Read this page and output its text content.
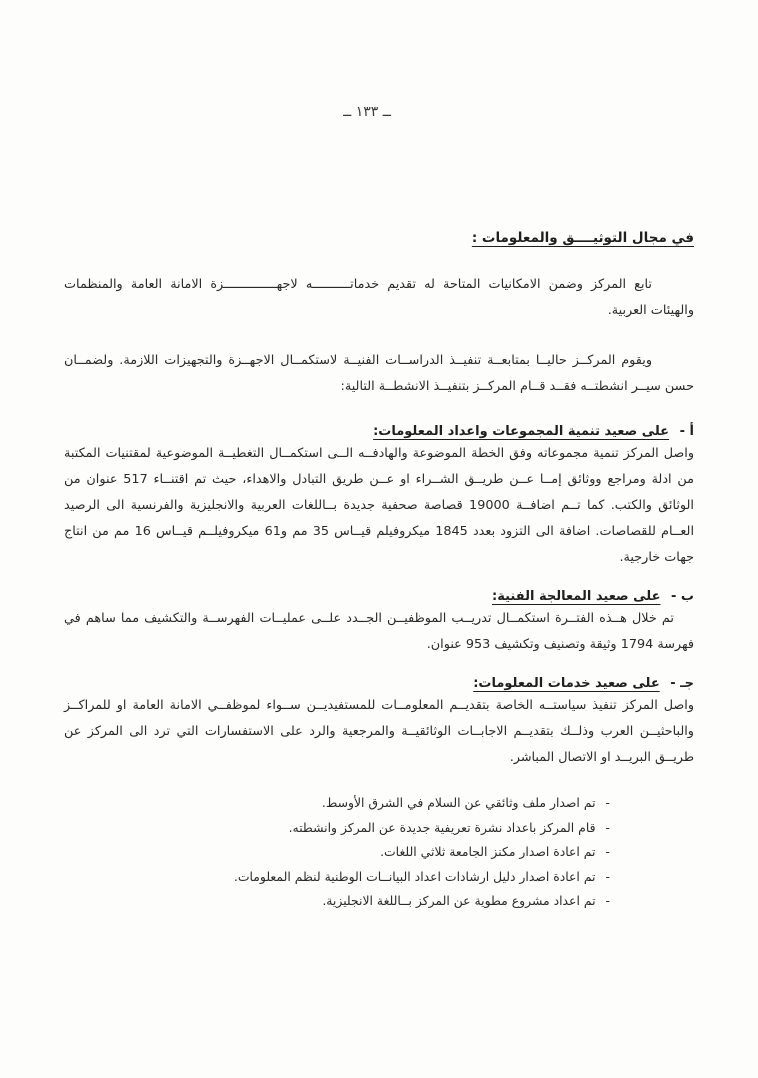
ــ ١٣٣ ــ
في مجال التوثيــــق والمعلومات :

تابع المركز وضمن الامكانيات المتاحة له تقديم خدماتــــــــــه لاجهــــــــــــــزة الامانة العامة والمنظمات والهيئات العربية.

ويقوم المركــز حاليــا بمتابعــة تنفيــذ الدراســات الفنيــة لاستكمــال الاجهــزة والتجهيزات اللازمة. ولضمــان حسن سيــر انشطتــه فقــد قــام المركــز بتنفيــذ الانشطــة التالية:

أ - على صعيد تنمية المجموعات واعداد المعلومات:

واصل المركز تنمية مجموعاته وفق الخطة الموضوعة والهادفــه الــى استكمــال التغطيــة الموضوعية لمقتنيات المكتبة من ادلة ومراجع ووثائق إمــا عــن طريــق الشــراء او عــن طريق التبادل والاهداء، حيث تم اقتنــاء 517 عنوان من الوثائق والكتب. كما تــم اضافــة 19000 قصاصة صحفية جديدة بــاللغات العربية والانجليزية والفرنسية الى الرصيد العــام للقصاصات. اضافة الى التزود بعدد 1845 ميكروفيلم قيــاس 35 مم و61 ميكروفيلــم قيــاس 16 مم من انتاج جهات خارجية.

ب - على صعيد المعالجة الفنية:

تم خلال هــذه الفتــرة استكمــال تدريــب الموظفيــن الجــدد علــى عمليــات الفهرســة والتكشيف مما ساهم في فهرسة 1794 وثيقة وتصنيف وتكشيف 953 عنوان.

جـ - على صعيد خدمات المعلومات:

واصل المركز تنفيذ سياستــه الخاصة بتقديــم المعلومــات للمستفيديــن ســواء لموظفــي الامانة العامة او للمراكــز والباحثيــن العرب وذلــك بتقديــم الاجابــات الوثائقيــة والمرجعية والرد على الاستفسارات التي ترد الى المركز عن طريــق البريــد او الاتصال المباشر.

-
تم اصدار ملف وثائقي عن السلام في الشرق الأوسط.
-
قام المركز باعداد نشرة تعريفية جديدة عن المركز وانشطته.
-
تم اعادة اصدار مكنز الجامعة ثلاثي اللغات.
-
تم اعادة اصدار دليل ارشادات اعداد البيانــات الوطنية لنظم المعلومات.
-
تم اعداد مشروع مطوية عن المركز بــاللغة الانجليزية.
